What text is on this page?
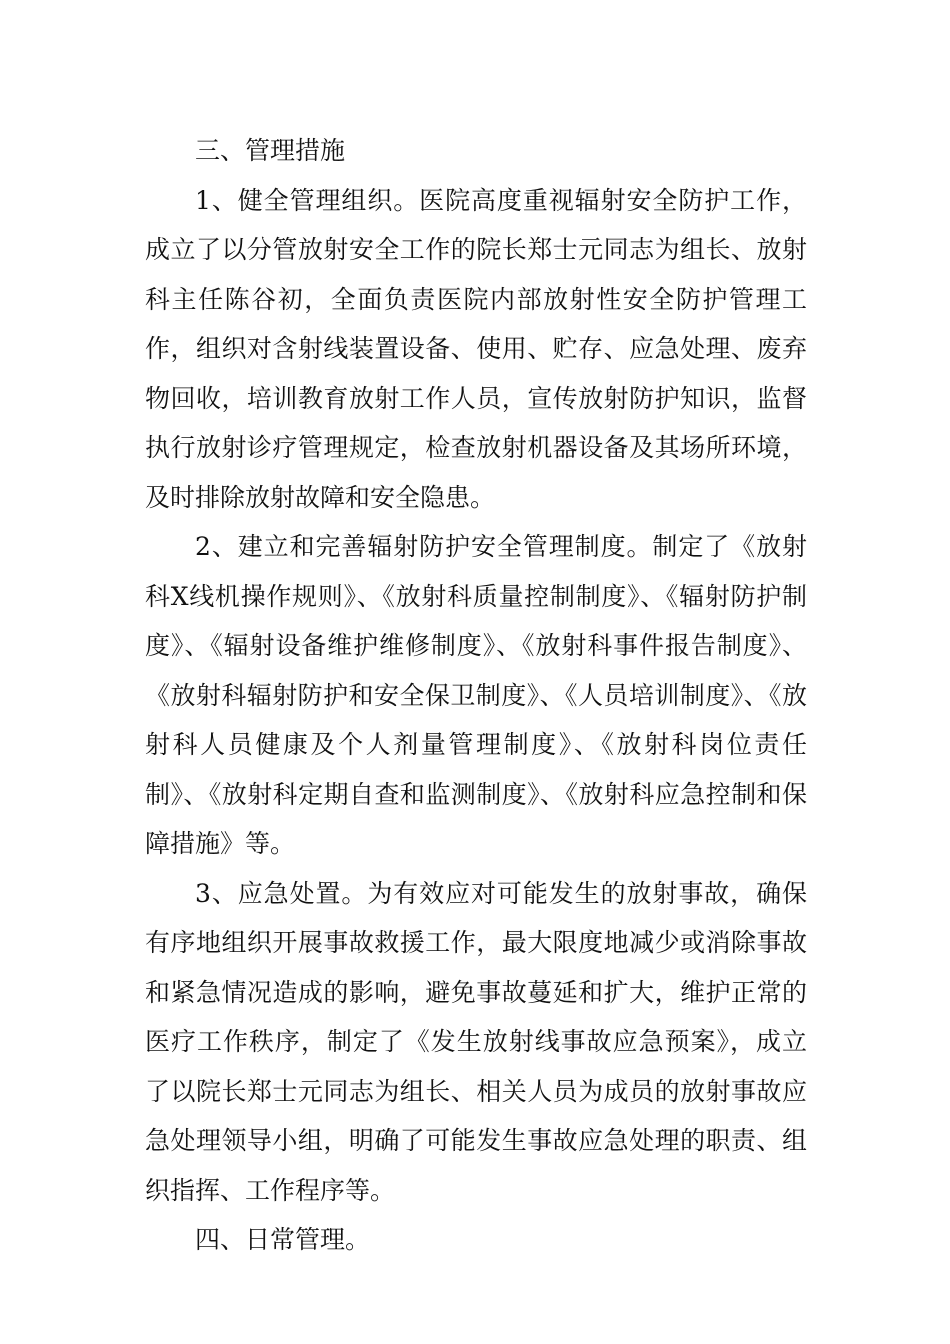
三、管理措施

1、健全管理组织。医院高度重视辐射安全防护工作，成立了以分管放射安全工作的院长郑士元同志为组长、放射科主任陈谷初，全面负责医院内部放射性安全防护管理工作，组织对含射线装置设备、使用、贮存、应急处理、废弃物回收，培训教育放射工作人员，宣传放射防护知识，监督执行放射诊疗管理规定，检查放射机器设备及其场所环境，及时排除放射故障和安全隐患。

2、建立和完善辐射防护安全管理制度。制定了《放射科X线机操作规则》、《放射科质量控制制度》、《辐射防护制度》、《辐射设备维护维修制度》、《放射科事件报告制度》、《放射科辐射防护和安全保卫制度》、《人员培训制度》、《放射科人员健康及个人剂量管理制度》、《放射科岗位责任制》、《放射科定期自查和监测制度》、《放射科应急控制和保障措施》等。

3、应急处置。为有效应对可能发生的放射事故，确保有序地组织开展事故救援工作，最大限度地减少或消除事故和紧急情况造成的影响，避免事故蔓延和扩大，维护正常的医疗工作秩序，制定了《发生放射线事故应急预案》，成立了以院长郑士元同志为组长、相关人员为成员的放射事故应急处理领导小组，明确了可能发生事故应急处理的职责、组织指挥、工作程序等。

四、日常管理。
